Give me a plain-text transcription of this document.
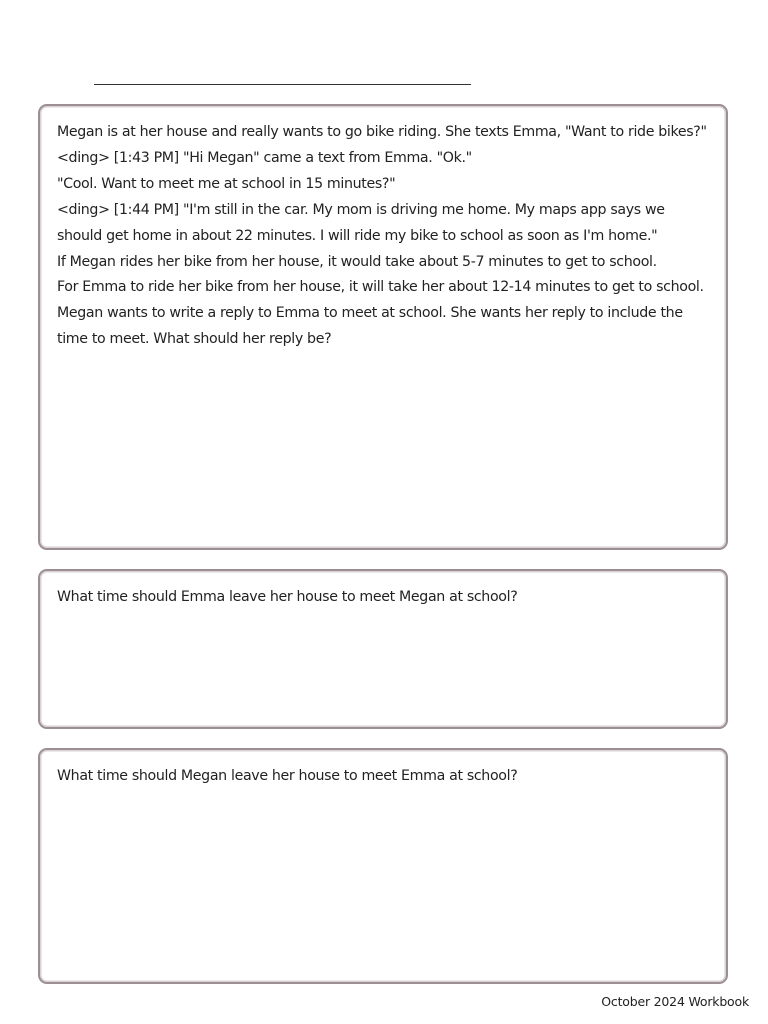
Megan is at her house and really wants to go bike riding. She texts Emma, "Want to ride bikes?"

<ding> [1:43 PM] "Hi Megan" came a text from Emma. "Ok."

"Cool. Want to meet me at school in 15 minutes?"

<ding> [1:44 PM] "I'm still in the car. My mom is driving me home. My maps app says we should get home in about 22 minutes. I will ride my bike to school as soon as I'm home."

If Megan rides her bike from her house, it would take about 5-7 minutes to get to school.

For Emma to ride her bike from her house, it will take her about 12-14 minutes to get to school.

Megan wants to write a reply to Emma to meet at school. She wants her reply to include the time to meet. What should her reply be?

What time should Emma leave her house to meet Megan at school?
What time should Megan leave her house to meet Emma at school?
October 2024 Workbook
